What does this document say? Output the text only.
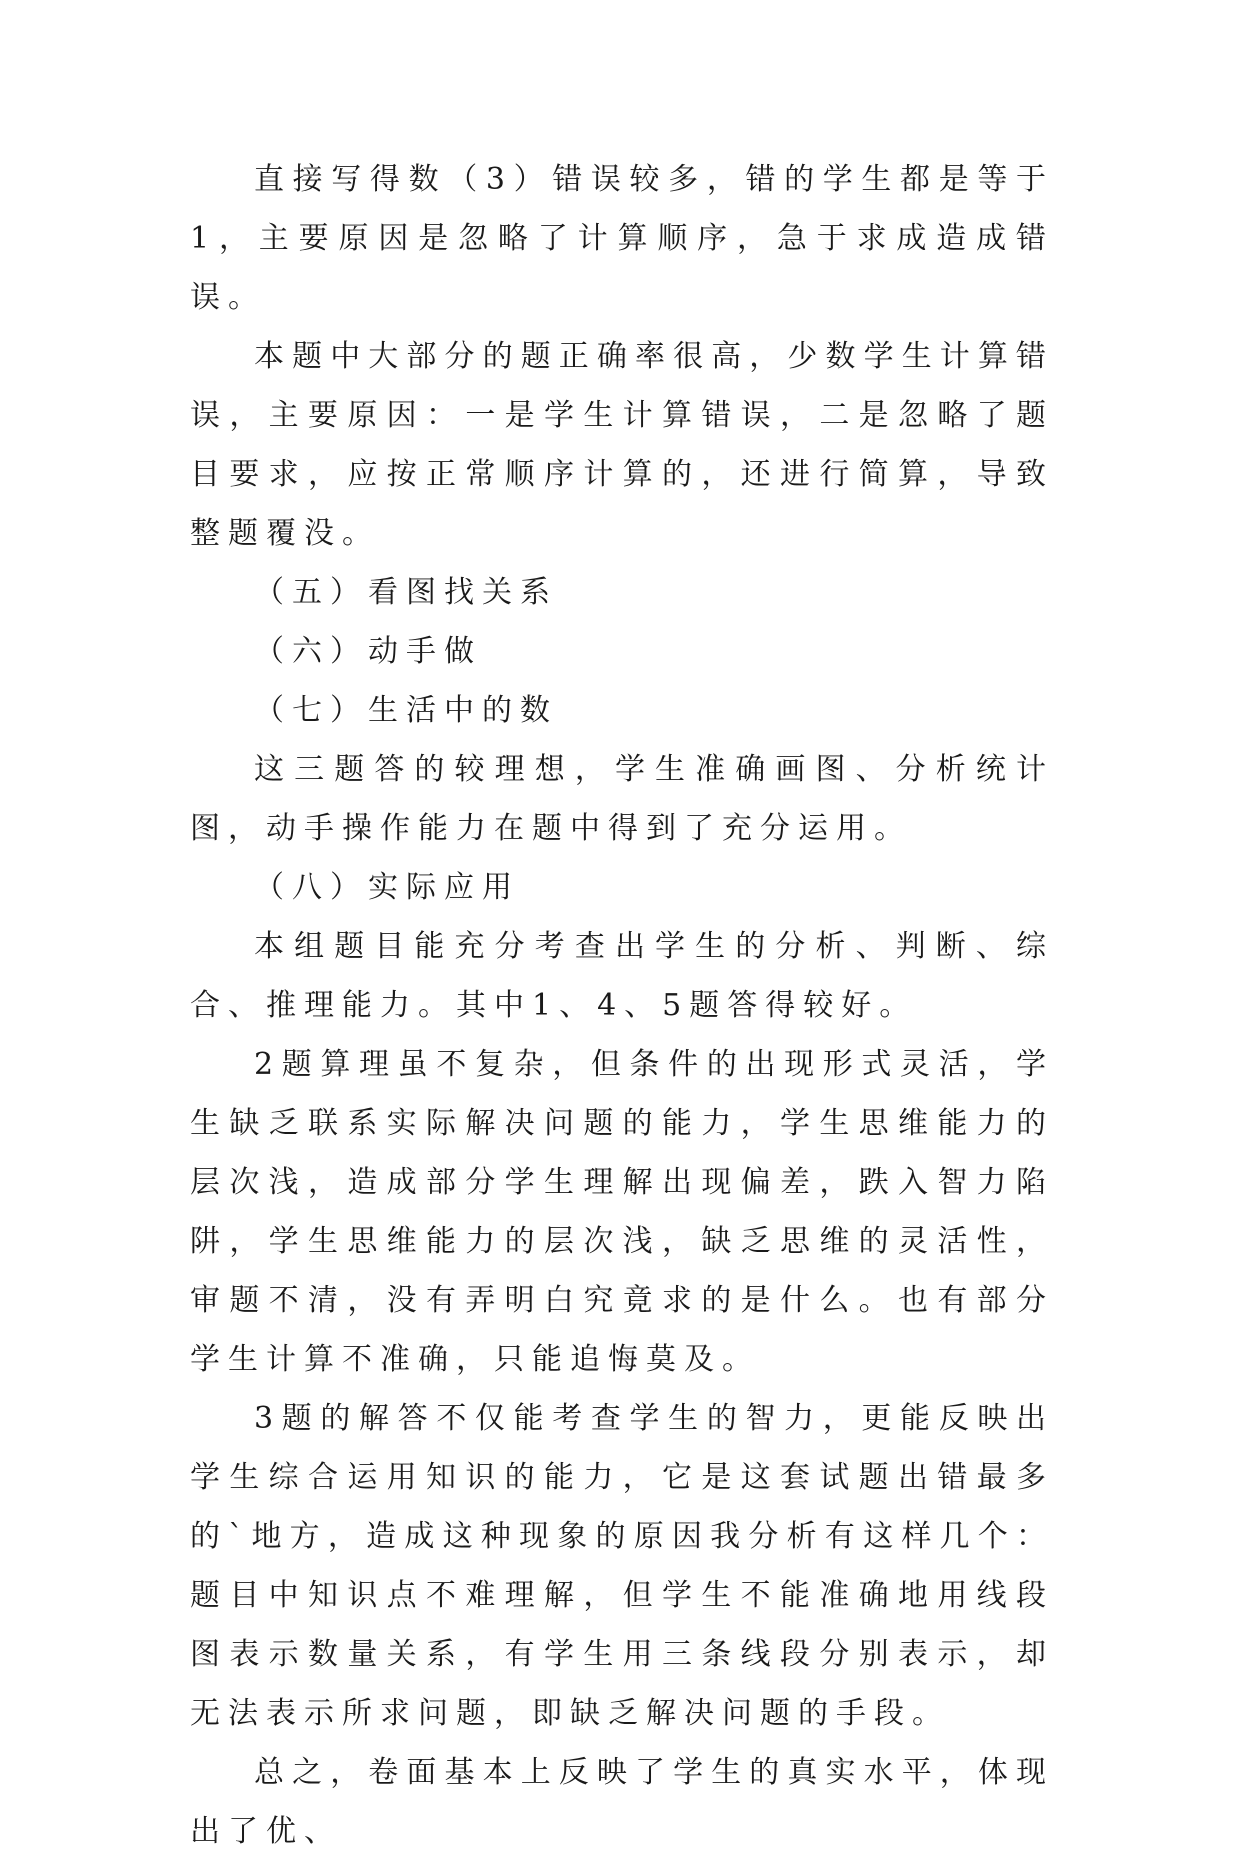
直接写得数（3）错误较多，错的学生都是等于1，主要原因是忽略了计算顺序，急于求成造成错误。

本题中大部分的题正确率很高，少数学生计算错误，主要原因：一是学生计算错误，二是忽略了题目要求，应按正常顺序计算的，还进行简算，导致整题覆没。

（五）看图找关系

（六）动手做

（七）生活中的数

这三题答的较理想，学生准确画图、分析统计图，动手操作能力在题中得到了充分运用。

（八）实际应用

本组题目能充分考查出学生的分析、判断、综合、推理能力。其中1、4、5题答得较好。

2题算理虽不复杂，但条件的出现形式灵活，学生缺乏联系实际解决问题的能力，学生思维能力的层次浅，造成部分学生理解出现偏差，跌入智力陷阱，学生思维能力的层次浅，缺乏思维的灵活性，审题不清，没有弄明白究竟求的是什么。也有部分学生计算不准确，只能追悔莫及。

3题的解答不仅能考查学生的智力，更能反映出学生综合运用知识的能力，它是这套试题出错最多的`地方，造成这种现象的原因我分析有这样几个：题目中知识点不难理解，但学生不能准确地用线段图表示数量关系，有学生用三条线段分别表示，却无法表示所求问题，即缺乏解决问题的手段。

总之，卷面基本上反映了学生的真实水平，体现出了优、
